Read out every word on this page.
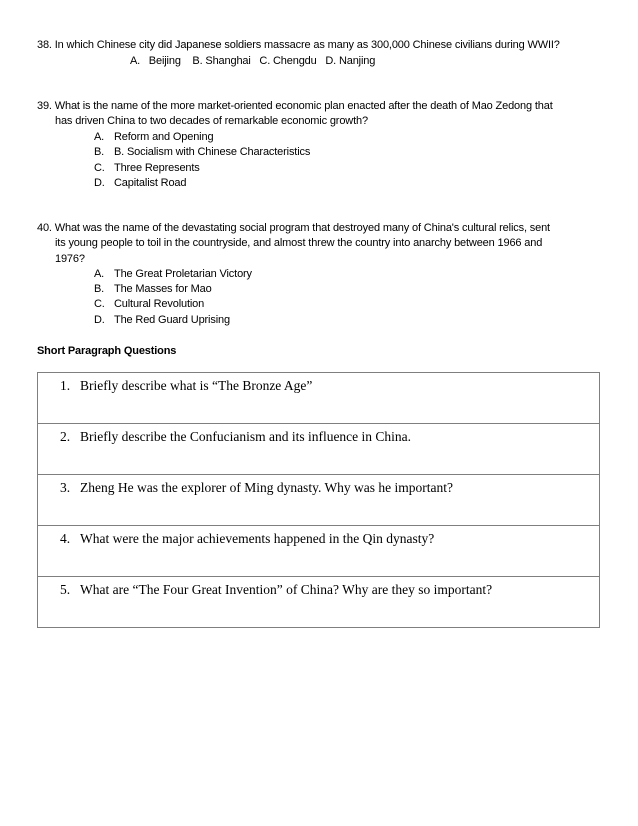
38. In which Chinese city did Japanese soldiers massacre as many as 300,000 Chinese civilians during WWII?
A.   Beijing    B. Shanghai   C. Chengdu   D. Nanjing
39. What is the name of the more market-oriented economic plan enacted after the death of Mao Zedong that
has driven China to two decades of remarkable economic growth?
A. Reform and Opening
B. B. Socialism with Chinese Characteristics
C. Three Represents
D. Capitalist Road
40. What was the name of the devastating social program that destroyed many of China's cultural relics, sent
its young people to toil in the countryside, and almost threw the country into anarchy between 1966 and
1976?
A. The Great Proletarian Victory
B. The Masses for Mao
C. Cultural Revolution
D. The Red Guard Uprising
Short Paragraph Questions
1. Briefly describe what is “The Bronze Age”

2. Briefly describe the Confucianism and its influence in China.

3. Zheng He was the explorer of Ming dynasty. Why was he important?

4. What were the major achievements happened in the Qin dynasty?

5. What are “The Four Great Invention” of China? Why are they so important?
